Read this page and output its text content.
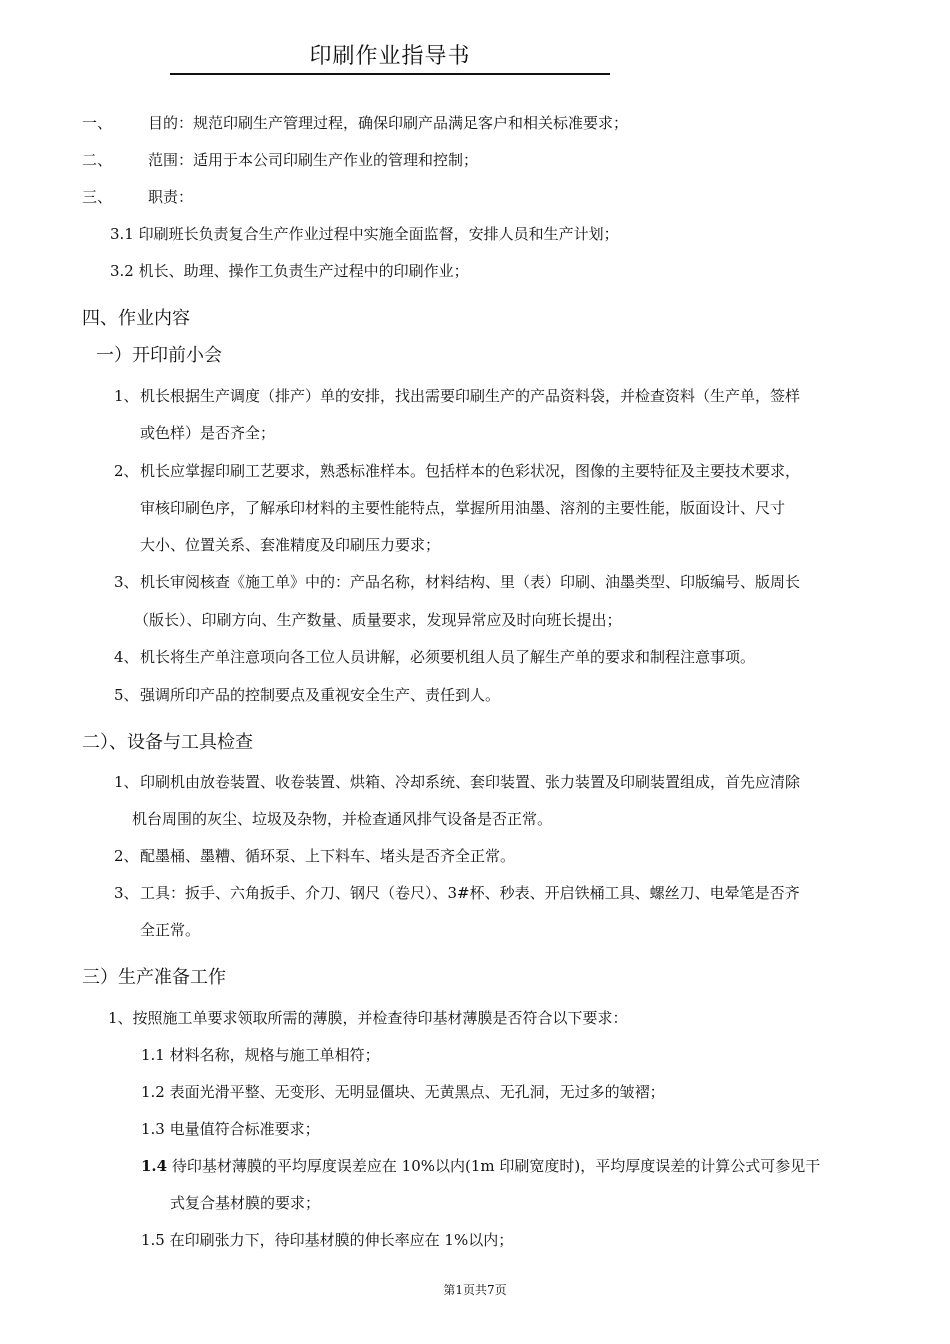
印刷作业指导书
一、 目的：规范印刷生产管理过程，确保印刷产品满足客户和相关标准要求；
二、 范围：适用于本公司印刷生产作业的管理和控制；
三、 职责：
3.1 印刷班长负责复合生产作业过程中实施全面监督，安排人员和生产计划；
3.2 机长、助理、操作工负责生产过程中的印刷作业；
四、作业内容
一）开印前小会
1、机长根据生产调度（排产）单的安排，找出需要印刷生产的产品资料袋，并检查资料（生产单，签样
或色样）是否齐全；
2、机长应掌握印刷工艺要求，熟悉标准样本。包括样本的色彩状况，图像的主要特征及主要技术要求，
审核印刷色序，了解承印材料的主要性能特点，掌握所用油墨、溶剂的主要性能，版面设计、尺寸
大小、位置关系、套准精度及印刷压力要求；
3、机长审阅核查《施工单》中的：产品名称，材料结构、里（表）印刷、油墨类型、印版编号、版周长
（版长）、印刷方向、生产数量、质量要求，发现异常应及时向班长提出；
4、机长将生产单注意项向各工位人员讲解，必须要机组人员了解生产单的要求和制程注意事项。
5、强调所印产品的控制要点及重视安全生产、责任到人。
二）、设备与工具检查
1、印刷机由放卷装置、收卷装置、烘箱、冷却系统、套印装置、张力装置及印刷装置组成，首先应清除
机台周围的灰尘、垃圾及杂物，并检查通风排气设备是否正常。
2、配墨桶、墨糟、循环泵、上下料车、堵头是否齐全正常。
3、工具：扳手、六角扳手、介刀、钢尺（卷尺）、3#杯、秒表、开启铁桶工具、螺丝刀、电晕笔是否齐
全正常。
三）生产准备工作
1、按照施工单要求领取所需的薄膜，并检查待印基材薄膜是否符合以下要求：
1.1 材料名称，规格与施工单相符；
1.2 表面光滑平整、无变形、无明显僵块、无黄黑点、无孔洞，无过多的皱褶；
1.3 电量值符合标准要求；
1.4 待印基材薄膜的平均厚度误差应在 10%以内(1m 印刷宽度时)，平均厚度误差的计算公式可参见干
式复合基材膜的要求；
1.5 在印刷张力下，待印基材膜的伸长率应在 1%以内；
第1页共7页
